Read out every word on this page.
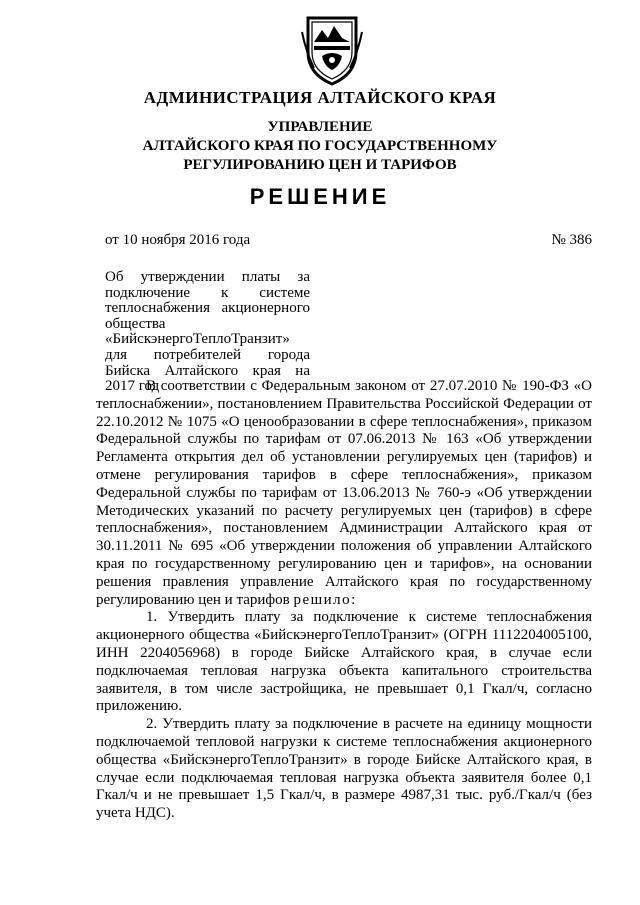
АДМИНИСТРАЦИЯ АЛТАЙСКОГО КРАЯ
УПРАВЛЕНИЕ
АЛТАЙСКОГО КРАЯ ПО ГОСУДАРСТВЕННОМУ
РЕГУЛИРОВАНИЮ ЦЕН И ТАРИФОВ
РЕШЕНИЕ
от 10 ноября 2016 года	№ 386
Об утверждении платы за подключение к системе теплоснабжения акционерного общества «БийскэнергоТеплоТранзит» для потребителей города Бийска Алтайского края на 2017 год

В соответствии с Федеральным законом от 27.07.2010 № 190-ФЗ «О теплоснабжении», постановлением Правительства Российской Федерации от 22.10.2012 № 1075 «О ценообразовании в сфере теплоснабжения», приказом Федеральной службы по тарифам от 07.06.2013 № 163 «Об утверждении Регламента открытия дел об установлении регулируемых цен (тарифов) и отмене регулирования тарифов в сфере теплоснабжения», приказом Федеральной службы по тарифам от 13.06.2013 № 760-э «Об утверждении Методических указаний по расчету регулируемых цен (тарифов) в сфере теплоснабжения», постановлением Администрации Алтайского края от 30.11.2011 № 695 «Об утверждении положения об управлении Алтайского края по государственному регулированию цен и тарифов», на основании решения правления управление Алтайского края по государственному регулированию цен и тарифов решило:

1. Утвердить плату за подключение к системе теплоснабжения акционерного общества «БийскэнергоТеплоТранзит» (ОГРН 1112204005100, ИНН 2204056968) в городе Бийске Алтайского края, в случае если подключаемая тепловая нагрузка объекта капитального строительства заявителя, в том числе застройщика, не превышает 0,1 Гкал/ч, согласно приложению.

2. Утвердить плату за подключение в расчете на единицу мощности подключаемой тепловой нагрузки к системе теплоснабжения акционерного общества «БийскэнергоТеплоТранзит» в городе Бийске Алтайского края, в случае если подключаемая тепловая нагрузка объекта заявителя более 0,1 Гкал/ч и не превышает 1,5 Гкал/ч, в размере 4987,31 тыс. руб./Гкал/ч (без учета НДС).
